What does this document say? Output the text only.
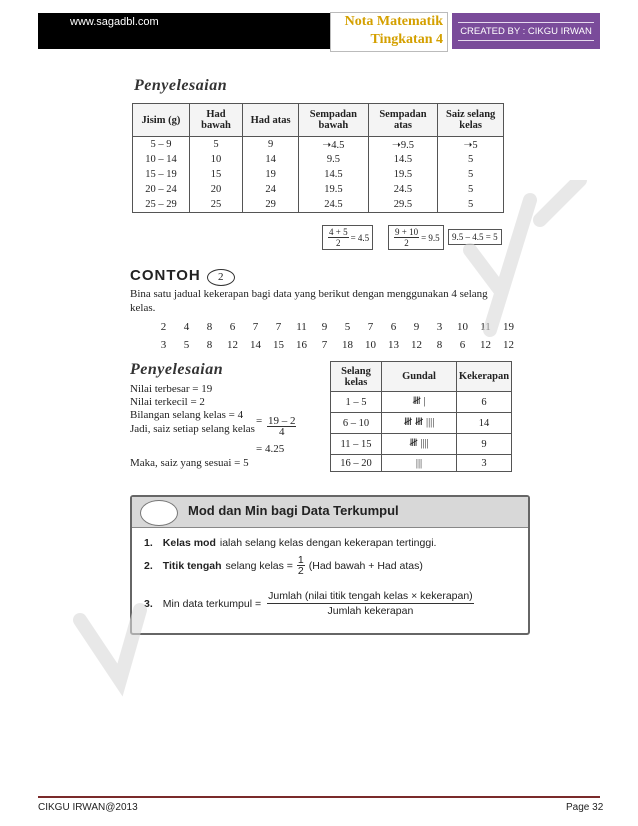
www.sagadbl.com	Nota Matematik
Tingkatan 4
CREATED BY : CIKGU IRWAN
Penyelesaian
Jisim (g)	Had bawah	Had atas	Sempadan bawah	Sempadan atas	Saiz selang kelas
5 – 9	5	9	➝4.5	➝9.5	➝5
10 – 14	10	14	9.5	14.5	5
15 – 19	15	19	14.5	19.5	5
20 – 24	20	24	19.5	24.5	5
25 – 29	25	29	24.5	29.5	5
$\frac{4 + 5}{2} = 4.5$	$\frac{9 + 10}{2} = 9.5$ 9.5 – 4.5 = 5
CONTOH 2
Bina satu jadual kekerapan bagi data yang berikut dengan menggunakan 4 selang kelas.
2 4 8 6 7 7 11 9 5 7 6 9 3 10 11 19
3 5 8 12 14 15 16 7 18 10 13 12 8 6 12 12
Penyelesaian
Nilai terbesar = 19
Nilai terkecil = 2
Bilangan selang kelas = 4
Jadi, saiz setiap selang kelas
= $\frac{19 - 2}{4}$
= 4.25
Maka, saiz yang sesuai = 5
Selang kelas	Gundal	Kekerapan
1 – 5	𝍸 |	6
6 – 10	𝍸 𝍸 ||||	14
11 – 15	𝍸 ||||	9
16 – 20	|||	3
Mod dan Min bagi Data Terkumpul
1. Kelas mod ialah selang kelas dengan kekerapan tertinggi.
2. Titik tengah selang kelas = $\frac{1}{2} (Had$ bawah + Had atas)
3. Min data terkumpul = $\frac{\text{Jumlah (nilai titik tengah kelas × kekerapan)}}{\text{Jumlah kekerapan}}$
CIKGU IRWAN@2013	Page 32
